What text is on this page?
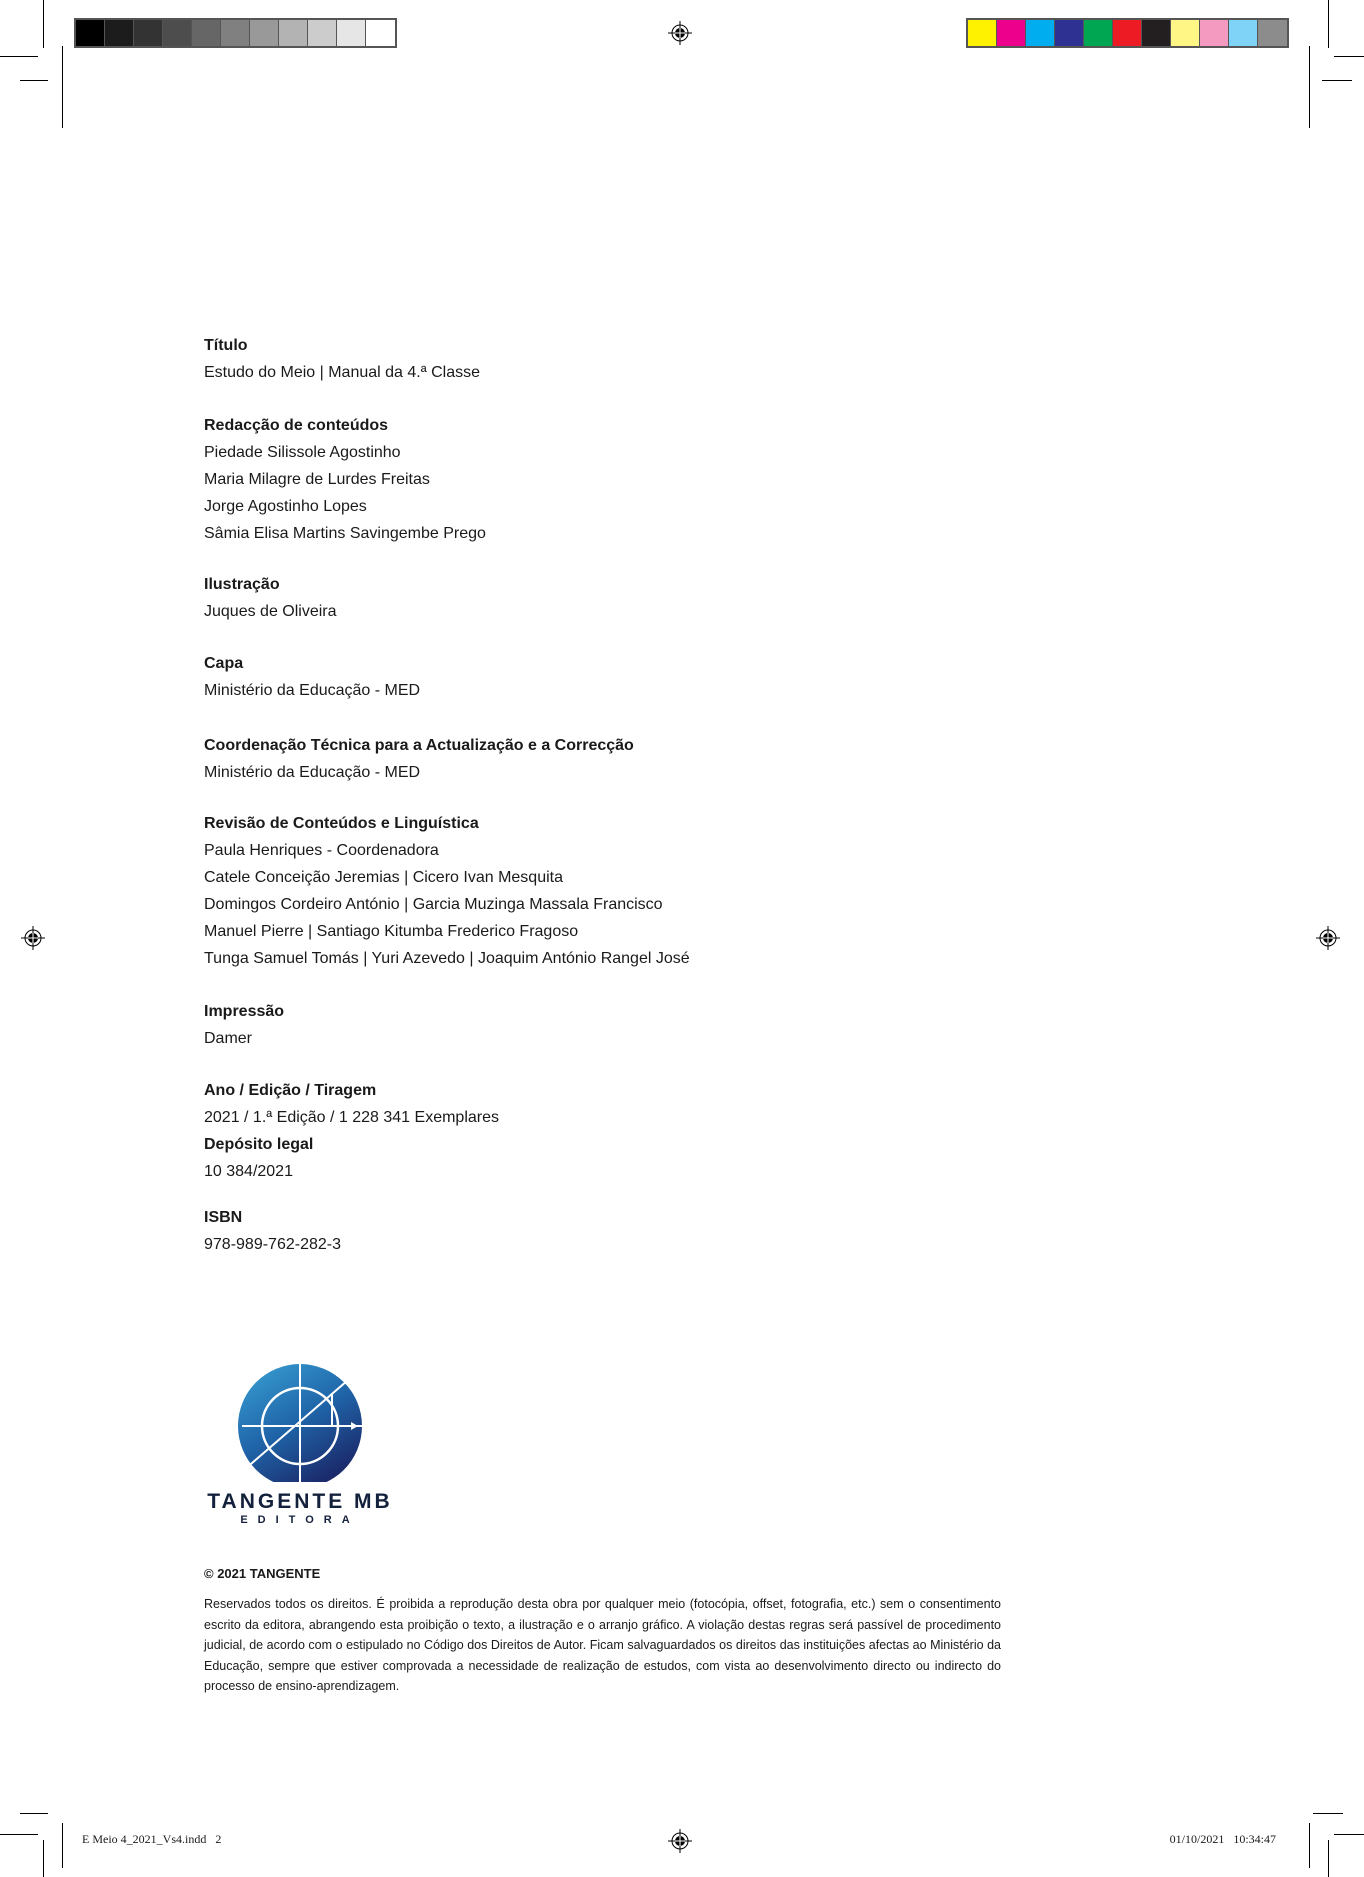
Título
Estudo do Meio | Manual da 4.ª Classe
Redacção de conteúdos
Piedade Silissole Agostinho
Maria Milagre de Lurdes Freitas
Jorge Agostinho Lopes
Sâmia Elisa Martins Savingembe Prego
Ilustração
Juques de Oliveira
Capa
Ministério da Educação - MED
Coordenação Técnica para a Actualização e a Correcção
Ministério da Educação - MED
Revisão de Conteúdos e Linguística
Paula Henriques - Coordenadora
Catele Conceição Jeremias | Cicero Ivan Mesquita
Domingos Cordeiro António | Garcia Muzinga Massala Francisco
Manuel Pierre | Santiago Kitumba Frederico Fragoso
Tunga Samuel Tomás | Yuri Azevedo | Joaquim António Rangel José
Impressão
Damer
Ano / Edição / Tiragem
2021 / 1.ª Edição / 1 228 341 Exemplares
Depósito legal
10 384/2021
ISBN
978-989-762-282-3
TANGENTE MB
EDITORA
© 2021 TANGENTE
Reservados todos os direitos. É proibida a reprodução desta obra por qualquer meio (fotocópia, offset, fotografia, etc.) sem o consentimento escrito da editora, abrangendo esta proibição o texto, a ilustração e o arranjo gráfico. A violação destas regras será passível de procedimento judicial, de acordo com o estipulado no Código dos Direitos de Autor. Ficam salvaguardados os direitos das instituições afectas ao Ministério da Educação, sempre que estiver comprovada a necessidade de realização de estudos, com vista ao desenvolvimento directo ou indirecto do processo de ensino-aprendizagem.
E Meio 4_2021_Vs4.indd   2	01/10/2021   10:34:47
